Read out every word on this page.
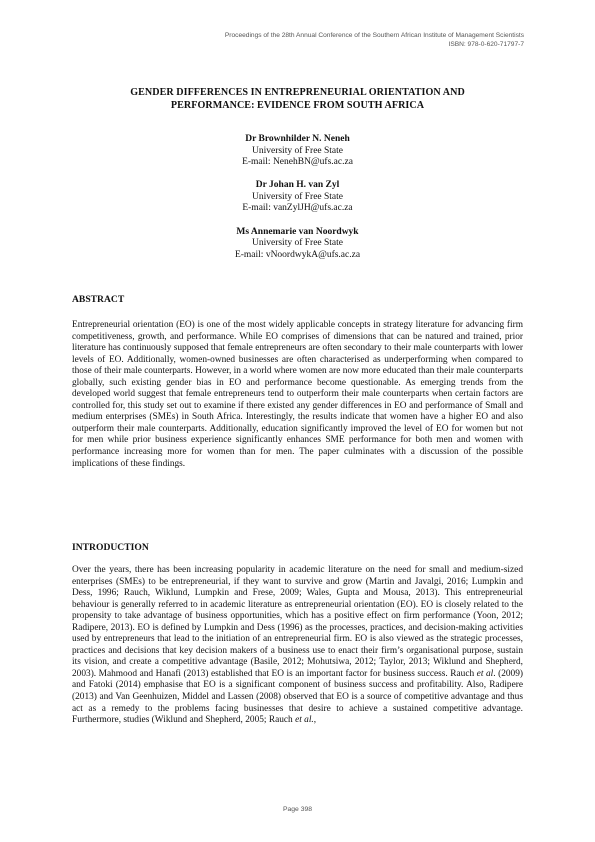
Proceedings of the 28th Annual Conference of the Southern African Institute of Management Scientists
ISBN: 978-0-620-71797-7
GENDER DIFFERENCES IN ENTREPRENEURIAL ORIENTATION AND
PERFORMANCE: EVIDENCE FROM SOUTH AFRICA
Dr Brownhilder N. Neneh
University of Free State
E-mail: NenehBN@ufs.ac.za
Dr Johan H. van Zyl
University of Free State
E-mail: vanZylJH@ufs.ac.za
Ms Annemarie van Noordwyk
University of Free State
E-mail: vNoordwykA@ufs.ac.za

ABSTRACT

Entrepreneurial orientation (EO) is one of the most widely applicable concepts in strategy literature for advancing firm competitiveness, growth, and performance. While EO comprises of dimensions that can be natured and trained, prior literature has continuously supposed that female entrepreneurs are often secondary to their male counterparts with lower levels of EO. Additionally, women-owned businesses are often characterised as underperforming when compared to those of their male counterparts. However, in a world where women are now more educated than their male counterparts globally, such existing gender bias in EO and performance become questionable. As emerging trends from the developed world suggest that female entrepreneurs tend to outperform their male counterparts when certain factors are controlled for, this study set out to examine if there existed any gender differences in EO and performance of Small and medium enterprises (SMEs) in South Africa. Interestingly, the results indicate that women have a higher EO and also outperform their male counterparts. Additionally, education significantly improved the level of EO for women but not for men while prior business experience significantly enhances SME performance for both men and women with performance increasing more for women than for men. The paper culminates with a discussion of the possible implications of these findings.

INTRODUCTION

Over the years, there has been increasing popularity in academic literature on the need for small and medium-sized enterprises (SMEs) to be entrepreneurial, if they want to survive and grow (Martin and Javalgi, 2016; Lumpkin and Dess, 1996; Rauch, Wiklund, Lumpkin and Frese, 2009; Wales, Gupta and Mousa, 2013). This entrepreneurial behaviour is generally referred to in academic literature as entrepreneurial orientation (EO). EO is closely related to the propensity to take advantage of business opportunities, which has a positive effect on firm performance (Yoon, 2012; Radipere, 2013). EO is defined by Lumpkin and Dess (1996) as the processes, practices, and decision-making activities used by entrepreneurs that lead to the initiation of an entrepreneurial firm. EO is also viewed as the strategic processes, practices and decisions that key decision makers of a business use to enact their firm’s organisational purpose, sustain its vision, and create a competitive advantage (Basile, 2012; Mohutsiwa, 2012; Taylor, 2013; Wiklund and Shepherd, 2003). Mahmood and Hanafi (2013) established that EO is an important factor for business success. Rauch et al. (2009) and Fatoki (2014) emphasise that EO is a significant component of business success and profitability. Also, Radipere (2013) and Van Geenhuizen, Middel and Lassen (2008) observed that EO is a source of competitive advantage and thus act as a remedy to the problems facing businesses that desire to achieve a sustained competitive advantage. Furthermore, studies (Wiklund and Shepherd, 2005; Rauch et al.,

Page 398
